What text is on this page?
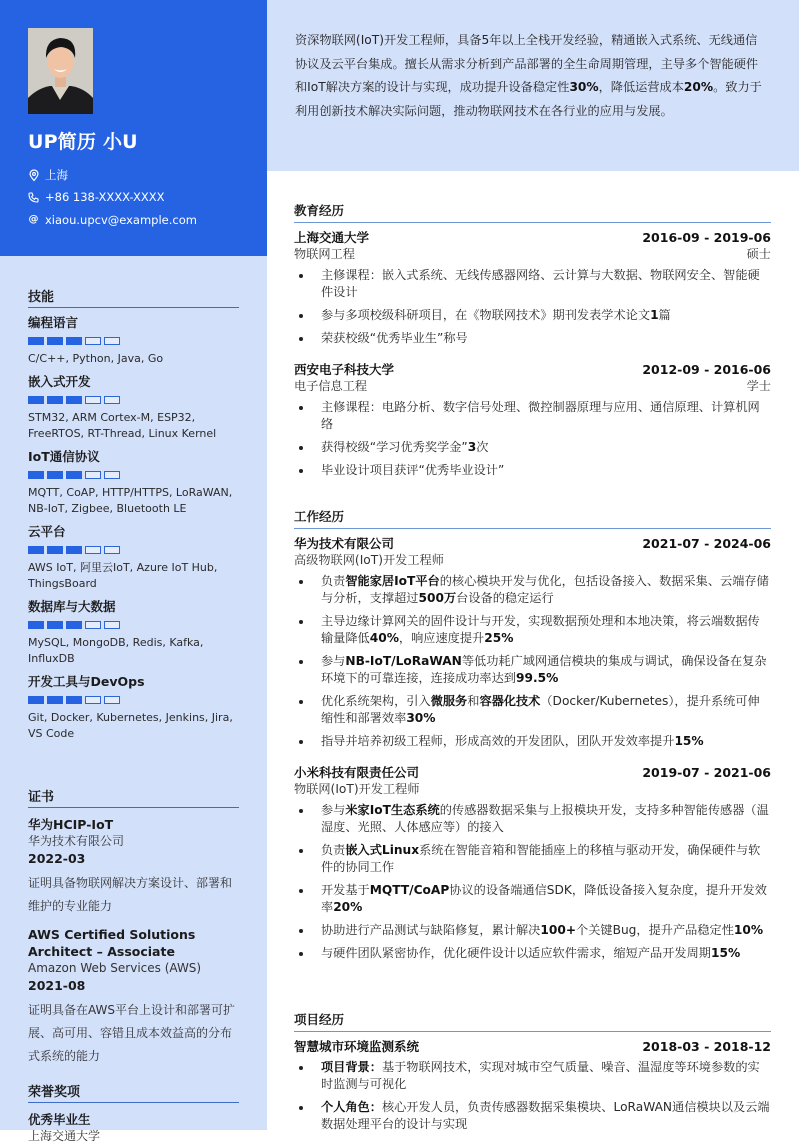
UP简历 小U
上海
+86 138-XXXX-XXXX
@ xiaou.upcv@example.com
技能
编程语言
C/C++, Python, Java, Go
嵌入式开发
STM32, ARM Cortex-M, ESP32, FreeRTOS, RT-Thread, Linux Kernel
IoT通信协议
MQTT, CoAP, HTTP/HTTPS, LoRaWAN, NB-IoT, Zigbee, Bluetooth LE
云平台
AWS IoT, 阿里云IoT, Azure IoT Hub, ThingsBoard
数据库与大数据
MySQL, MongoDB, Redis, Kafka, InfluxDB
开发工具与DevOps
Git, Docker, Kubernetes, Jenkins, Jira, VS Code
证书
华为HCIP-IoT
华为技术有限公司
2022-03
证明具备物联网解决方案设计、部署和维护的专业能力
AWS Certified Solutions Architect – Associate
Amazon Web Services (AWS)
2021-08
证明具备在AWS平台上设计和部署可扩展、高可用、容错且成本效益高的分布式系统的能力
荣誉奖项
优秀毕业生
上海交通大学

资深物联网(IoT)开发工程师，具备5年以上全栈开发经验，精通嵌入式系统、无线通信协议及云平台集成。擅长从需求分析到产品部署的全生命周期管理，主导多个智能硬件和IoT解决方案的设计与实现，成功提升设备稳定性30%，降低运营成本20%。致力于利用创新技术解决实际问题，推动物联网技术在各行业的应用与发展。

教育经历
上海交通大学	2016-09 - 2019-06
物联网工程	硕士
主修课程：嵌入式系统、无线传感器网络、云计算与大数据、物联网安全、智能硬件设计
参与多项校级科研项目，在《物联网技术》期刊发表学术论文1篇
荣获校级“优秀毕业生”称号
西安电子科技大学	2012-09 - 2016-06
电子信息工程	学士
主修课程：电路分析、数字信号处理、微控制器原理与应用、通信原理、计算机网络
获得校级“学习优秀奖学金”3次
毕业设计项目获评“优秀毕业设计”
工作经历
华为技术有限公司	2021-07 - 2024-06
高级物联网(IoT)开发工程师
负责智能家居IoT平台的核心模块开发与优化，包括设备接入、数据采集、云端存储与分析，支撑超过500万台设备的稳定运行
主导边缘计算网关的固件设计与开发，实现数据预处理和本地决策，将云端数据传输量降低40%，响应速度提升25%
参与NB-IoT/LoRaWAN等低功耗广域网通信模块的集成与调试，确保设备在复杂环境下的可靠连接，连接成功率达到99.5%
优化系统架构，引入微服务和容器化技术（Docker/Kubernetes），提升系统可伸缩性和部署效率30%
指导并培养初级工程师，形成高效的开发团队，团队开发效率提升15%
小米科技有限责任公司	2019-07 - 2021-06
物联网(IoT)开发工程师
参与米家IoT生态系统的传感器数据采集与上报模块开发，支持多种智能传感器（温湿度、光照、人体感应等）的接入
负责嵌入式Linux系统在智能音箱和智能插座上的移植与驱动开发，确保硬件与软件的协同工作
开发基于MQTT/CoAP协议的设备端通信SDK，降低设备接入复杂度，提升开发效率20%
协助进行产品测试与缺陷修复，累计解决100+个关键Bug，提升产品稳定性10%
与硬件团队紧密协作，优化硬件设计以适应软件需求，缩短产品开发周期15%
项目经历
智慧城市环境监测系统	2018-03 - 2018-12
项目背景：基于物联网技术，实现对城市空气质量、噪音、温湿度等环境参数的实时监测与可视化
个人角色：核心开发人员，负责传感器数据采集模块、LoRaWAN通信模块以及云端数据处理平台的设计与实现
